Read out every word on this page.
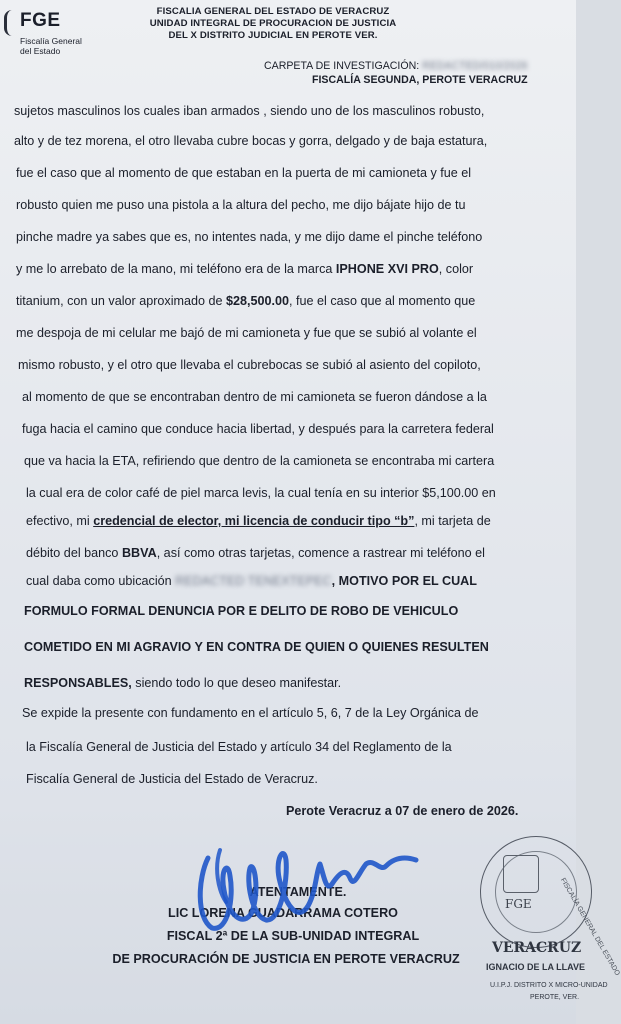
FGE
Fiscalía General
del Estado
FISCALIA GENERAL DEL ESTADO DE VERACRUZ
UNIDAD INTEGRAL DE PROCURACION DE JUSTICIA
DEL X DISTRITO JUDICIAL EN PEROTE VER.
CARPETA DE INVESTIGACIÓN: REDACTED/010/2026
FISCALÍA SEGUNDA, PEROTE VERACRUZ
sujetos masculinos los cuales iban armados , siendo uno de los masculinos robusto,
alto y de tez morena, el otro llevaba cubre bocas y gorra, delgado y de baja estatura,
fue el caso que al momento de que estaban en la puerta de mi camioneta y fue el
robusto quien me puso una pistola a la altura del pecho, me dijo bájate hijo de tu
pinche madre ya sabes que es, no intentes nada, y me dijo dame el pinche teléfono
y me lo arrebato de la mano, mi teléfono era de la marca IPHONE XVI PRO, color
titanium, con un valor aproximado de $28,500.00, fue el caso que al momento que
me despoja de mi celular me bajó de mi camioneta y fue que se subió al volante el
mismo robusto, y el otro que llevaba el cubrebocas se subió al asiento del copiloto,
al momento de que se encontraban dentro de mi camioneta se fueron dándose a la
fuga hacia el camino que conduce hacia libertad, y después para la carretera federal
que va hacia la ETA, refiriendo que dentro de la camioneta se encontraba mi cartera
la cual era de color café de piel marca levis, la cual tenía en su interior $5,100.00 en
efectivo, mi credencial de elector, mi licencia de conducir tipo “b”, mi tarjeta de
débito del banco BBVA, así como otras tarjetas, comence a rastrear mi teléfono el
cual daba como ubicación REDACTED TENEXTEPEC, MOTIVO POR EL CUAL
FORMULO FORMAL DENUNCIA POR E DELITO DE ROBO DE VEHICULO
COMETIDO EN MI AGRAVIO Y EN CONTRA DE QUIEN O QUIENES RESULTEN
RESPONSABLES, siendo todo lo que deseo manifestar.
Se expide la presente con fundamento en el artículo 5, 6, 7 de la Ley Orgánica de
la Fiscalía General de Justicia del Estado y artículo 34 del Reglamento de la
Fiscalía General de Justicia del Estado de Veracruz.
Perote Veracruz a 07 de enero de 2026.
FGE	FISCALÍA GENERAL DEL ESTADO
ATENTAMENTE.
LIC LORENA GUADARRAMA COTERO
FISCAL 2ª DE LA SUB-UNIDAD INTEGRAL
DE PROCURACIÓN DE JUSTICIA EN PEROTE VERACRUZ
VERACRUZ
IGNACIO DE LA LLAVE
U.I.P.J. DISTRITO X MICRO-UNIDAD
PEROTE, VER.
